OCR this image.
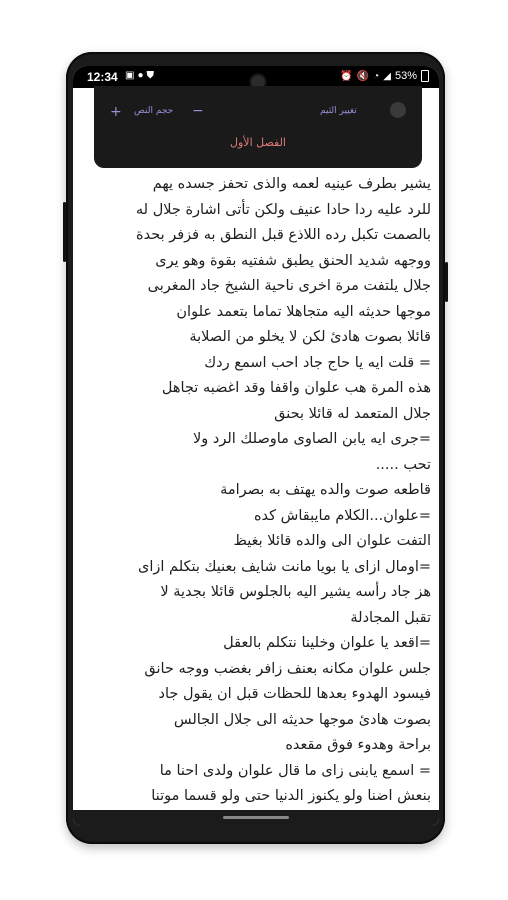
12:34 ▣●⛊	⏰ 🔇 ◔ ◢ 53%
+ حجم النص −	تغيير الثيم
الفصل الأول
يشير بطرف عينيه لعمه والذى تحفز جسده يهم
للرد عليه ردا حادا عنيف ولكن تأتى اشارة جلال له
بالصمت تكبل رده اللاذع قبل النطق به فزفر بحدة
ووجهه شديد الحنق يطبق شفتيه بقوة وهو يرى
جلال يلتفت مرة اخرى ناحية الشيخ جاد المغربى
موجها حديثه اليه متجاهلا تماما بتعمد علوان
قائلا بصوت هادئ لكن لا يخلو من الصلابة
= قلت ايه يا حاج جاد احب اسمع ردك
هذه المرة هب علوان واقفا وقد اغضبه تجاهل
جلال المتعمد له قائلا بحنق
=جرى ايه يابن الصاوى ماوصلك الرد ولا
تحب .....
قاطعه صوت والده يهتف به بصرامة
=علوان...الكلام مايبقاش كده
التفت علوان الى والده قائلا بغيظ
=اومال ازاى يا بويا مانت شايف بعنيك بتكلم ازاى
هز جاد رأسه يشير اليه بالجلوس قائلا بجدية لا
تقبل المجادلة
=اقعد يا علوان وخلينا نتكلم بالعقل
جلس علوان مكانه بعنف زافر بغضب ووجه حانق
فيسود الهدوء بعدها للحظات قبل ان يقول جاد
بصوت هادئ موجها حديثه الى جلال الجالس
براحة وهدوء فوق مقعده
= اسمع يابنى زاى ما قال علوان ولدى احنا ما
بنعش اضنا ولو يكنوز الدنيا حتى ولو قسما موتنا
